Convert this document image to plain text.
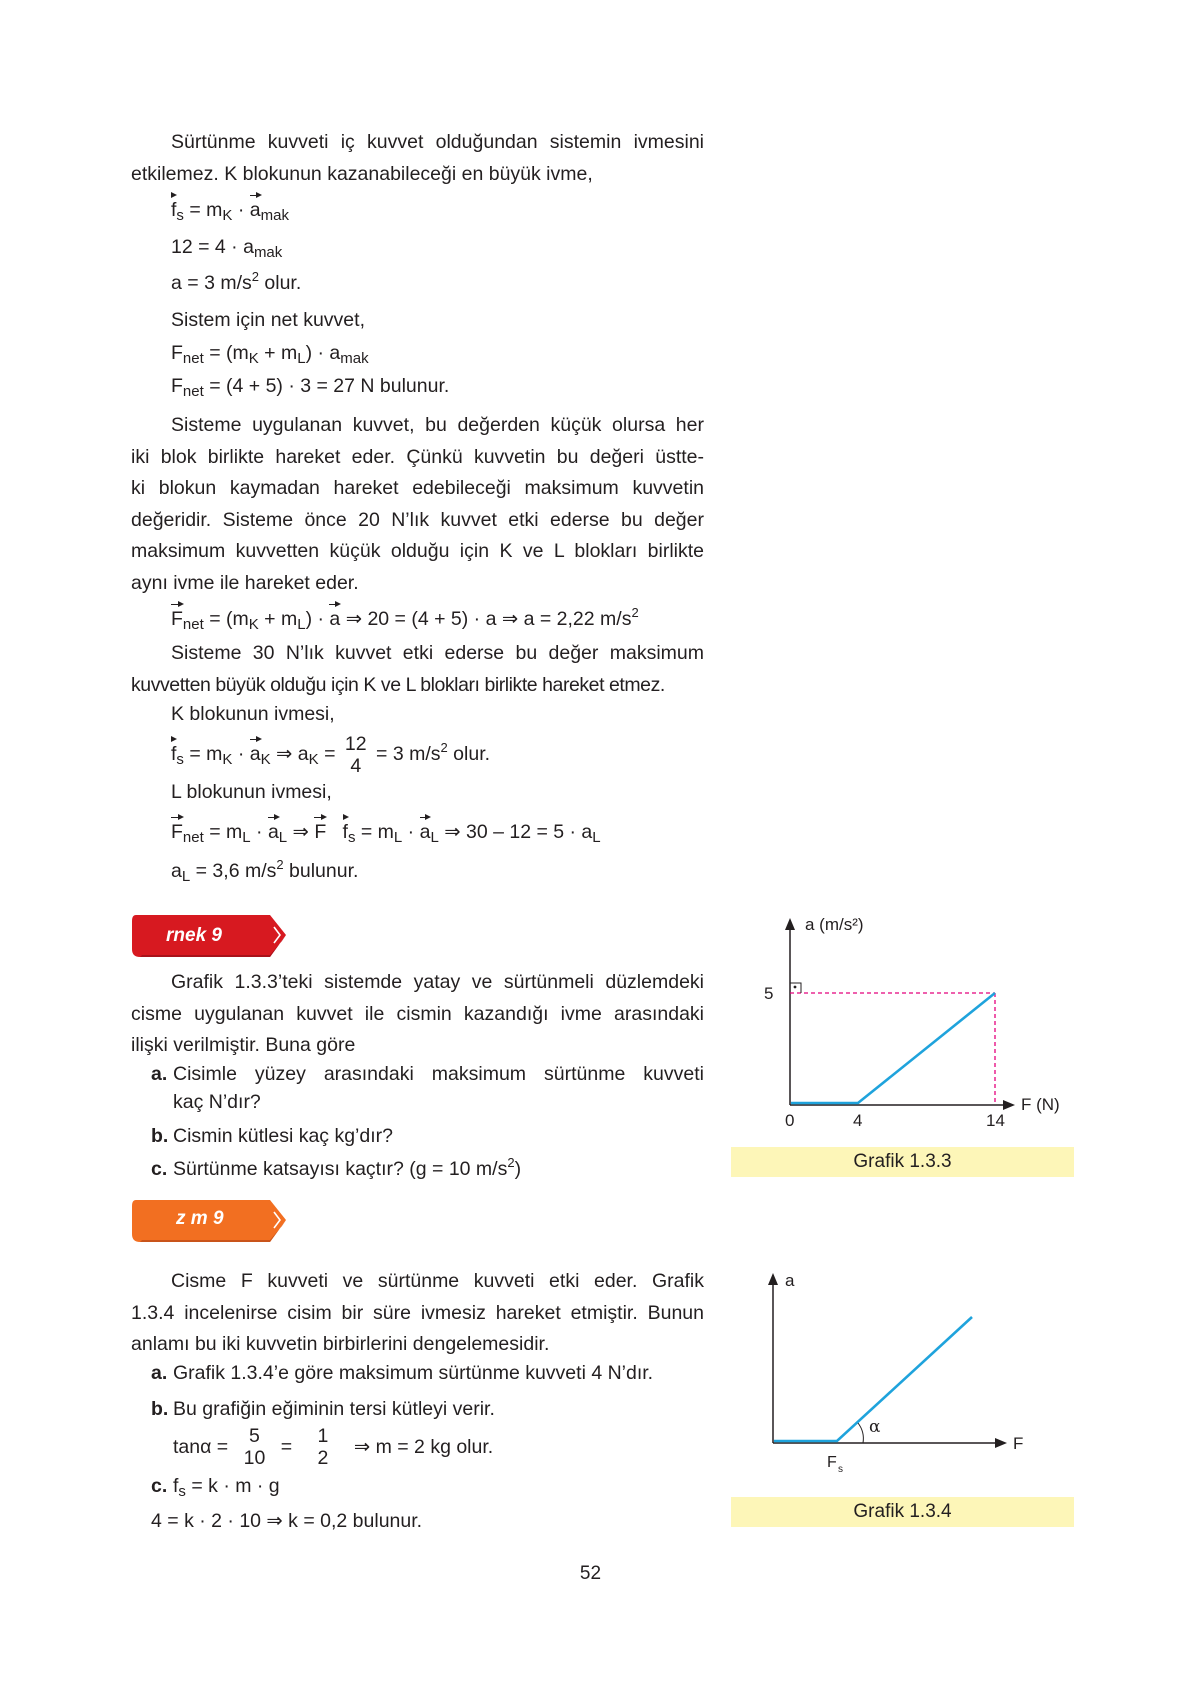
Sürtünme kuvveti iç kuvvet olduğundan sistemin ivmesini
etkilemez. K blokunun kazanabileceği en büyük ivme,
$f_s = m_K \cdot a_{mak}$
$12 = 4 \cdot a_{mak}$
a = 3 $m/s^2$ olur.
Sistem için net kuvvet,
$F_{net} = (m_K + m_L) \cdot a_{mak}$
$F_{net} = (4 + 5) \cdot 3 = 27$ N bulunur.
Sisteme uygulanan kuvvet, bu değerden küçük olursa her
iki blok birlikte hareket eder. Çünkü kuvvetin bu değeri üstte-
ki blokun kaymadan hareket edebileceği maksimum kuvvetin
değeridir. Sisteme önce 20 N’lık kuvvet etki ederse bu değer
maksimum kuvvetten küçük olduğu için K ve L blokları birlikte
aynı ivme ile hareket eder.
$F_{net} = (m_K + m_L) \cdot a$ ⇒ 20 = (4 + 5) · a ⇒ a = 2,22 $m/s^2$
Sisteme 30 N’lık kuvvet etki ederse bu değer maksimum
kuvvetten büyük olduğu için K ve L blokları birlikte hareket etmez.
K blokunun ivmesi,
$f_s = m_K \cdot a_K$ ⇒ $a_K = 12$
4
= 3 $m/s^2$ olur.
L blokunun ivmesi,
$F_{net} = m_L \cdot a_L$ ⇒ F $f_s = m_L \cdot a_L$ ⇒ $30 - 12 = 5 \cdot a_L$
$a_L = 3,6$ $m/s^2$ bulunur.
rnek 9
Grafik 1.3.3’teki sistemde yatay ve sürtünmeli düzlemdeki
cisme uygulanan kuvvet ile cismin kazandığı ivme arasındaki
ilişki verilmiştir. Buna göre
a. Cisimle yüzey arasındaki maksimum sürtünme kuvveti
kaç N’dır?
b. Cismin kütlesi kaç kg’dır?
c. Sürtünme katsayısı kaçtır? (g = 10 $m/s^2$)
z m 9
Cisme F kuvveti ve sürtünme kuvveti etki eder. Grafik
1.3.4 incelenirse cisim bir süre ivmesiz hareket etmiştir. Bunun
anlamı bu iki kuvvetin birbirlerini dengelemesidir.
a. Grafik 1.3.4’e göre maksimum sürtünme kuvveti 4 N’dır.
b. Bu grafiğin eğiminin tersi kütleyi verir.
tanα = 5
10 = 1
2 ⇒ m = 2 kg olur.
c. $f_s = k \cdot m \cdot g$
4 = k · 2 · 10 ⇒ k = 0,2 bulunur.
a (m/s²)
5
0	4	14
F (N)
Grafik 1.3.3
α
a
F
F s
Grafik 1.3.4
52
